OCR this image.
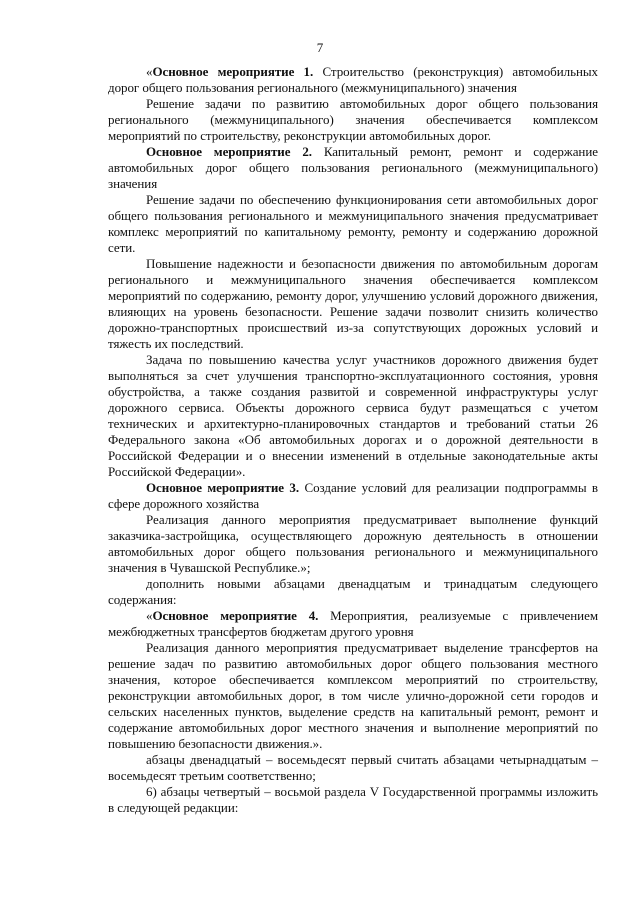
7

«Основное мероприятие 1. Строительство (реконструкция) автомобильных дорог общего пользования регионального (межмуниципального) значения

Решение задачи по развитию автомобильных дорог общего пользования регионального (межмуниципального) значения обеспечивается комплексом мероприятий по строительству, реконструкции автомобильных дорог.

Основное мероприятие 2. Капитальный ремонт, ремонт и содержание автомобильных дорог общего пользования регионального (межмуниципального) значения

Решение задачи по обеспечению функционирования сети автомобильных дорог общего пользования регионального и межмуниципального значения предусматривает комплекс мероприятий по капитальному ремонту, ремонту и содержанию дорожной сети.

Повышение надежности и безопасности движения по автомобильным дорогам регионального и межмуниципального значения обеспечивается комплексом мероприятий по содержанию, ремонту дорог, улучшению условий дорожного движения, влияющих на уровень безопасности. Решение задачи позволит снизить количество дорожно-транспортных происшествий из-за сопутствующих дорожных условий и тяжесть их последствий.

Задача по повышению качества услуг участников дорожного движения будет выполняться за счет улучшения транспортно-эксплуатационного состояния, уровня обустройства, а также создания развитой и современной инфраструктуры услуг дорожного сервиса. Объекты дорожного сервиса будут размещаться с учетом технических и архитектурно-планировочных стандартов и требований статьи 26 Федерального закона «Об автомобильных дорогах и о дорожной деятельности в Российской Федерации и о внесении изменений в отдельные законодательные акты Российской Федерации».

Основное мероприятие 3. Создание условий для реализации подпрограммы в сфере дорожного хозяйства

Реализация данного мероприятия предусматривает выполнение функций заказчика-застройщика, осуществляющего дорожную деятельность в отношении автомобильных дорог общего пользования регионального и межмуниципального значения в Чувашской Республике.»;

дополнить новыми абзацами двенадцатым и тринадцатым следующего содержания:

«Основное мероприятие 4. Мероприятия, реализуемые с привлечением межбюджетных трансфертов бюджетам другого уровня

Реализация данного мероприятия предусматривает выделение трансфертов на решение задач по развитию автомобильных дорог общего пользования местного значения, которое обеспечивается комплексом мероприятий по строительству, реконструкции автомобильных дорог, в том числе улично-дорожной сети городов и сельских населенных пунктов, выделение средств на капитальный ремонт, ремонт и содержание автомобильных дорог местного значения и выполнение мероприятий по повышению безопасности движения.».

абзацы двенадцатый – восемьдесят первый считать абзацами четырнадцатым – восемьдесят третьим соответственно;

6) абзацы четвертый – восьмой раздела V Государственной программы изложить в следующей редакции:
